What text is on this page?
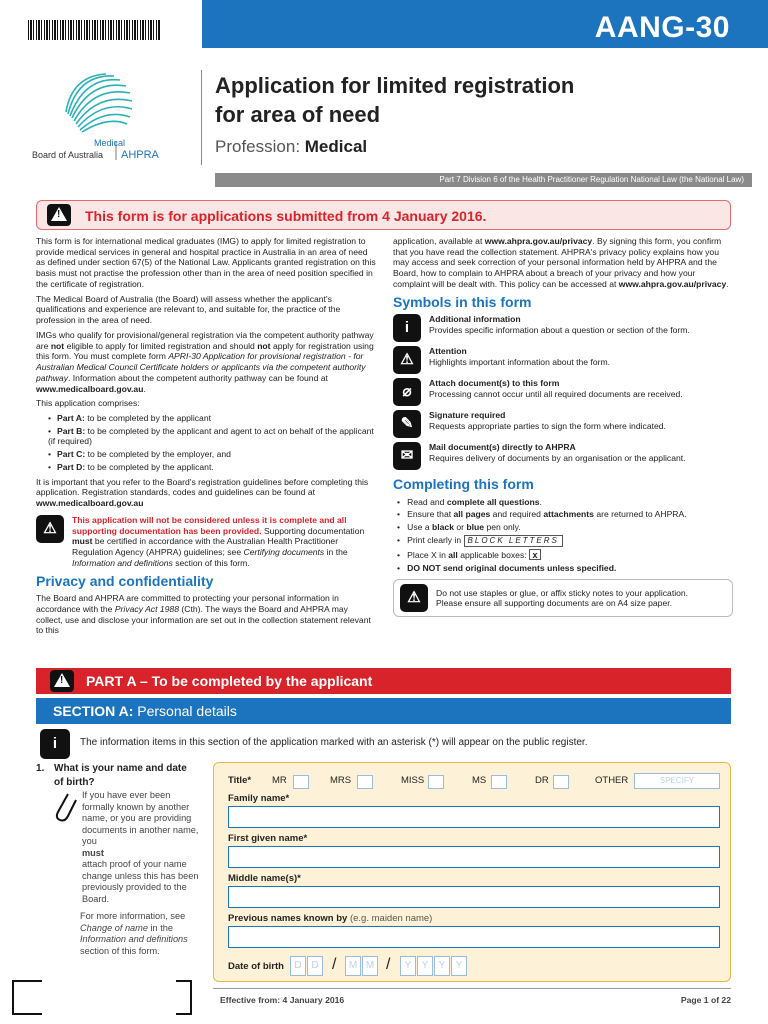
AANG-30
Medical
Board of Australia AHPRA
Application for limited registration
for area of need
Profession: Medical
Part 7 Division 6 of the Health Practitioner Regulation National Law (the National Law)
!
This form is for applications submitted from 4 January 2016.

This form is for international medical graduates (IMG) to apply for limited registration to provide medical services in general and hospital practice in Australia in an area of need as defined under section 67(5) of the National Law. Applicants granted registration on this basis must not practise the profession other than in the area of need position specified in the certificate of registration.

The Medical Board of Australia (the Board) will assess whether the applicant's qualifications and experience are relevant to, and suitable for, the practice of the profession in the area of need.

IMGs who qualify for provisional/general registration via the competent authority pathway are not eligible to apply for limited registration and should not apply for registration using this form. You must complete form APRI-30 Application for provisional registration - for Australian Medical Council Certificate holders or applicants via the competent authority pathway. Information about the competent authority pathway can be found at www.medicalboard.gov.au.

This application comprises:

• Part A: to be completed by the applicant
• Part B: to be completed by the applicant and agent to act on behalf of the applicant (if required)
• Part C: to be completed by the employer, and
• Part D: to be completed by the applicant.

It is important that you refer to the Board's registration guidelines before completing this application. Registration standards, codes and guidelines can be found at
www.medicalboard.gov.au

⚠	This application will not be considered unless it is complete and all supporting documentation has been provided. Supporting documentation must be certified in accordance with the Australian Health Practitioner Regulation Agency (AHPRA) guidelines; see Certifying documents in the Information and definitions section of this form.
Privacy and confidentiality

The Board and AHPRA are committed to protecting your personal information in accordance with the Privacy Act 1988 (Cth). The ways the Board and AHPRA may collect, use and disclose your information are set out in the collection statement relevant to this

application, available at www.ahpra.gov.au/privacy. By signing this form, you confirm that you have read the collection statement. AHPRA's privacy policy explains how you may access and seek correction of your personal information held by AHPRA and the Board, how to complain to AHPRA about a breach of your privacy and how your complaint will be dealt with. This policy can be accessed at www.ahpra.gov.au/privacy.

Symbols in this form
i	Additional information
Provides specific information about a question or section of the form.
⚠	Attention
Highlights important information about the form.
⌀	Attach document(s) to this form
Processing cannot occur until all required documents are received.
✎	Signature required
Requests appropriate parties to sign the form where indicated.
✉	Mail document(s) directly to AHPRA
Requires delivery of documents by an organisation or the applicant.
Completing this form
•   Read and complete all questions.
•   Ensure that all pages and required attachments are returned to AHPRA.
•   Use a black or blue pen only.
•   Print clearly in BLOCK LETTERS
•   Place X in all applicable boxes: x
•   DO NOT send original documents unless specified.
⚠	Do not use staples or glue, or affix sticky notes to your application.
Please ensure all supporting documents are on A4 size paper.
!
PART A – To be completed by the applicant
SECTION A: Personal details
i	The information items in this section of the application marked with an asterisk (*) will appear on the public register.
1. What is your name and date
of birth?
If you have ever been formally known by another name, or you are providing documents in another name, you
must
attach proof of your name change unless this has been previously provided to the Board.
For more information, see Change of name in the Information and definitions section of this form.
Title* MR	MRS	MISS	MS	DR	OTHER	SPECIFY
Family name*
First given name*
Middle name(s)*
Previous names known by (e.g. maiden name)
Date of birth	D D /	M M /	Y	Y	Y	Y
Effective from: 4 January 2016	Page 1 of 22
